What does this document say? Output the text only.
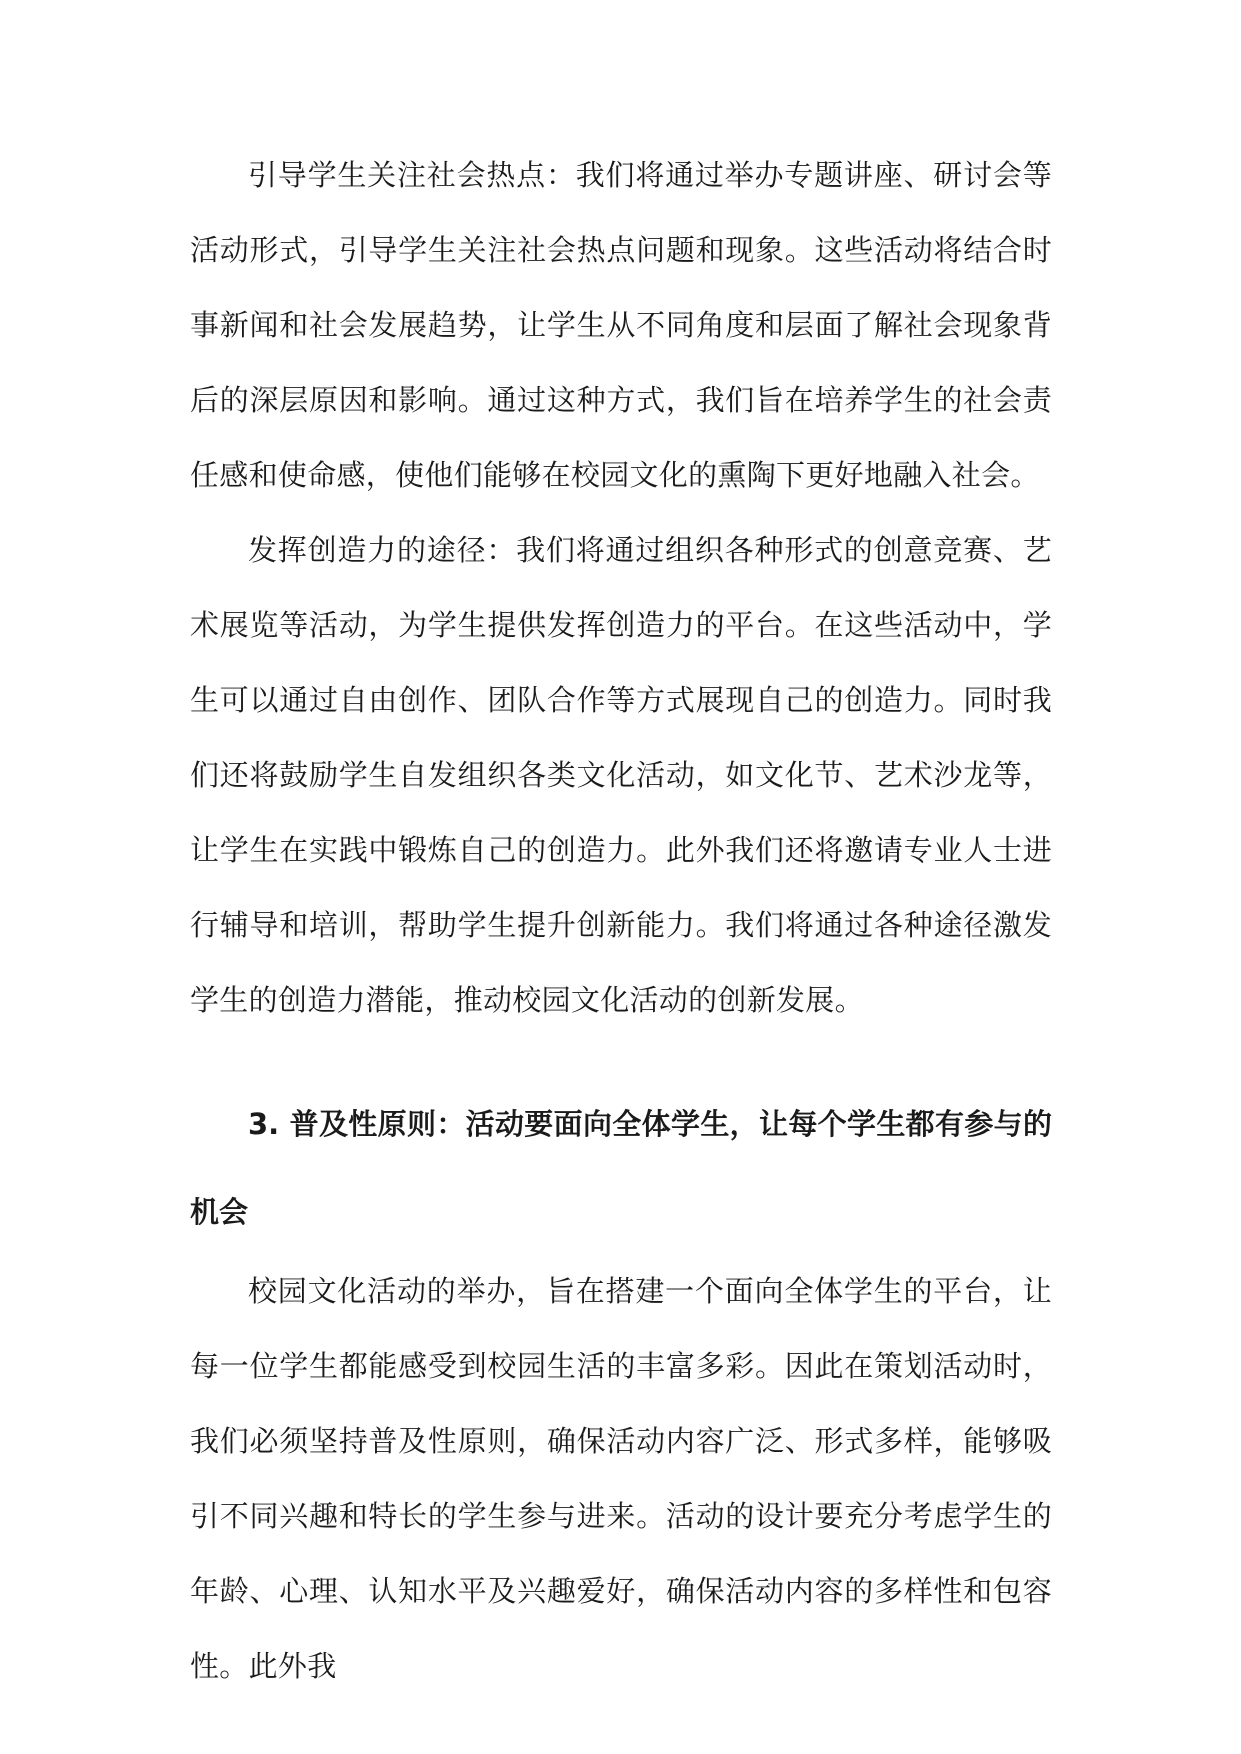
引导学生关注社会热点：我们将通过举办专题讲座、研讨会等活动形式，引导学生关注社会热点问题和现象。这些活动将结合时事新闻和社会发展趋势，让学生从不同角度和层面了解社会现象背后的深层原因和影响。通过这种方式，我们旨在培养学生的社会责任感和使命感，使他们能够在校园文化的熏陶下更好地融入社会。

发挥创造力的途径：我们将通过组织各种形式的创意竞赛、艺术展览等活动，为学生提供发挥创造力的平台。在这些活动中，学生可以通过自由创作、团队合作等方式展现自己的创造力。同时我们还将鼓励学生自发组织各类文化活动，如文化节、艺术沙龙等，让学生在实践中锻炼自己的创造力。此外我们还将邀请专业人士进行辅导和培训，帮助学生提升创新能力。我们将通过各种途径激发学生的创造力潜能，推动校园文化活动的创新发展。

3. 普及性原则：活动要面向全体学生，让每个学生都有参与的机会

校园文化活动的举办，旨在搭建一个面向全体学生的平台，让每一位学生都能感受到校园生活的丰富多彩。因此在策划活动时，我们必须坚持普及性原则，确保活动内容广泛、形式多样，能够吸引不同兴趣和特长的学生参与进来。活动的设计要充分考虑学生的年龄、心理、认知水平及兴趣爱好，确保活动内容的多样性和包容性。此外我
